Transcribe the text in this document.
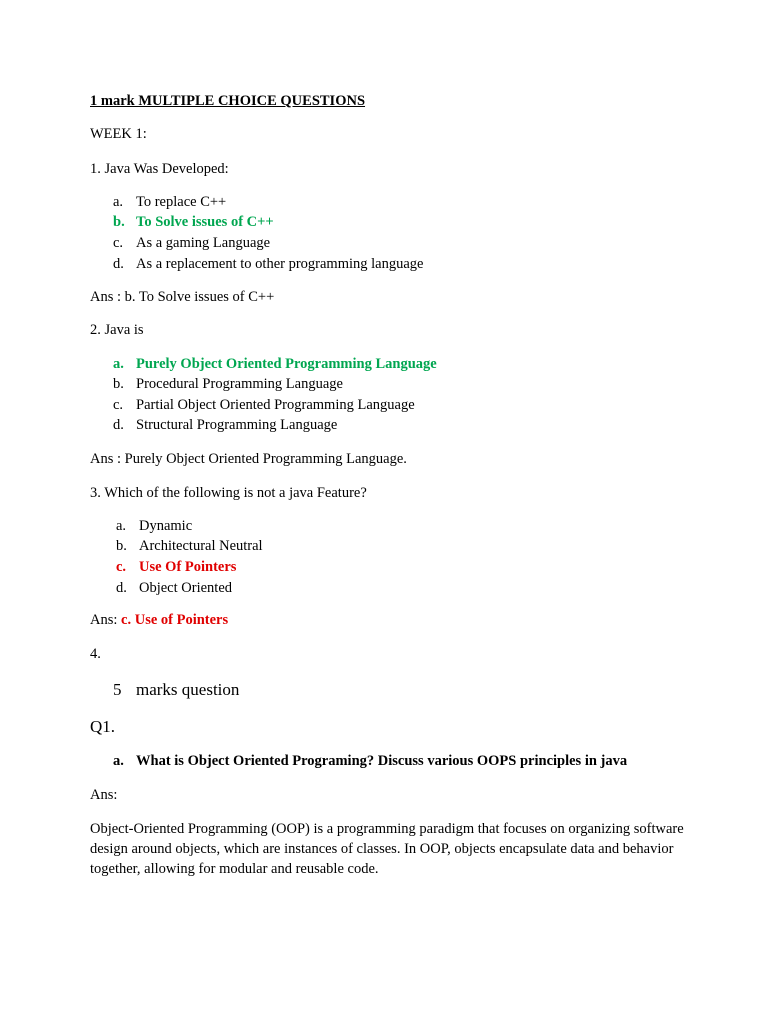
1 mark MULTIPLE CHOICE QUESTIONS
WEEK 1:
1. Java Was Developed:
a. To replace C++
b. To Solve issues of C++
c. As a gaming Language
d. As a replacement to other programming language
Ans : b. To Solve issues of C++
2. Java is
a. Purely Object Oriented Programming Language
b. Procedural Programming Language
c. Partial Object Oriented Programming Language
d. Structural Programming Language
Ans : Purely Object Oriented Programming Language.
3. Which of the following is not a java Feature?
a. Dynamic
b. Architectural Neutral
c. Use Of Pointers
d. Object Oriented
Ans: c. Use of Pointers
4.
5 marks question
Q1.
a. What is Object Oriented Programing? Discuss various OOPS principles in java
Ans:
Object-Oriented Programming (OOP) is a programming paradigm that focuses on organizing software design around objects, which are instances of classes. In OOP, objects encapsulate data and behavior together, allowing for modular and reusable code.
